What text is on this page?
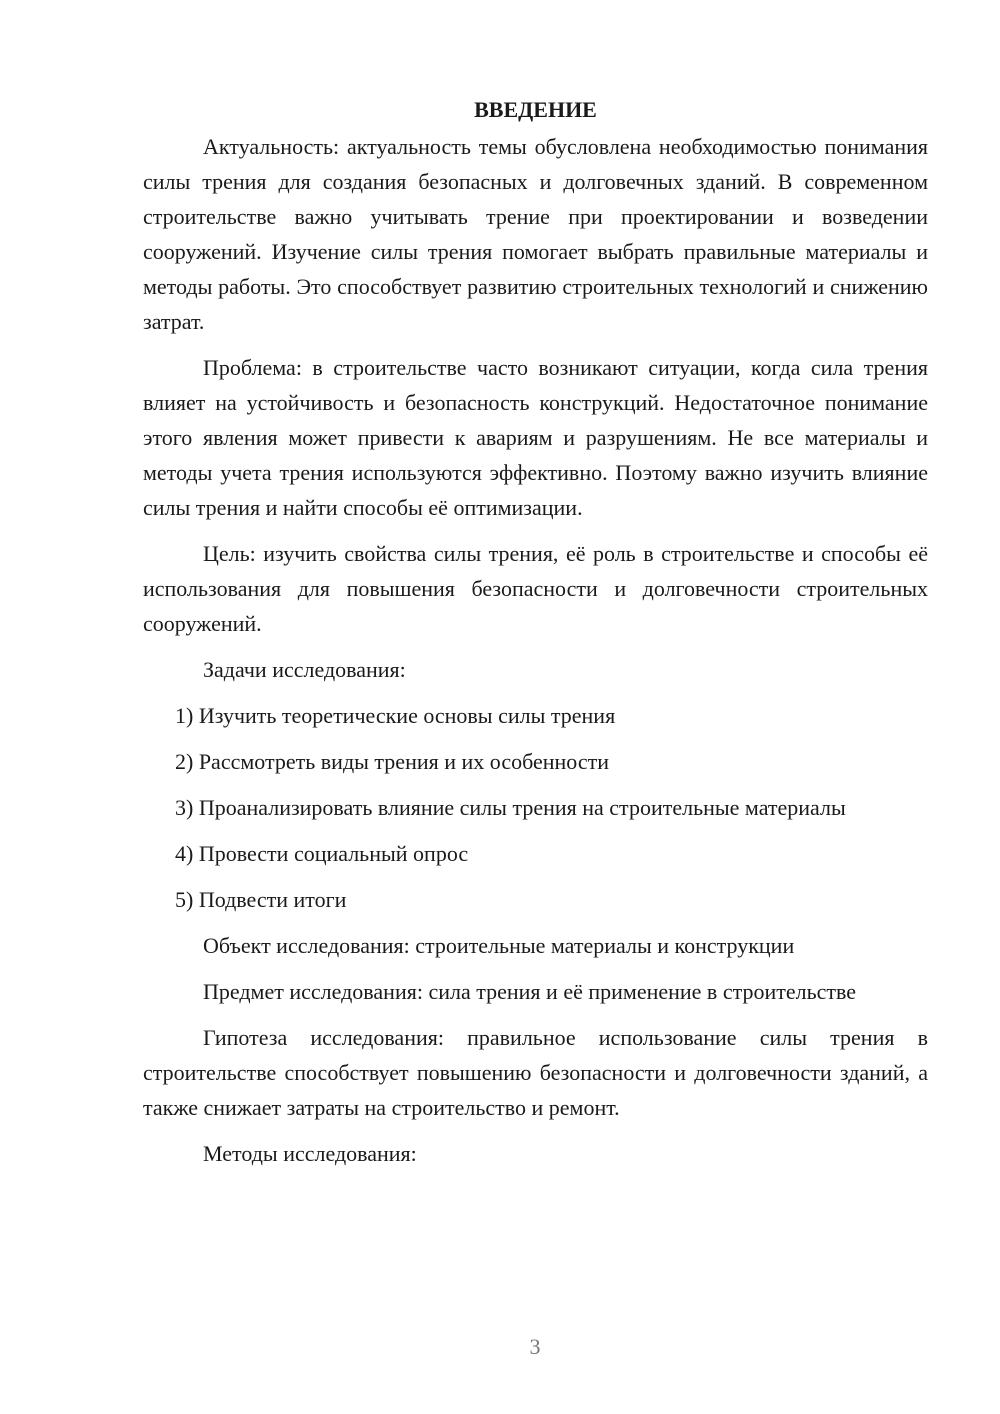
ВВЕДЕНИЕ

Актуальность: актуальность темы обусловлена необходимостью понимания силы трения для создания безопасных и долговечных зданий. В современном строительстве важно учитывать трение при проектировании и возведении сооружений. Изучение силы трения помогает выбрать правильные материалы и методы работы. Это способствует развитию строительных технологий и снижению затрат.

Проблема: в строительстве часто возникают ситуации, когда сила трения влияет на устойчивость и безопасность конструкций. Недостаточное понимание этого явления может привести к авариям и разрушениям. Не все материалы и методы учета трения используются эффективно. Поэтому важно изучить влияние силы трения и найти способы её оптимизации.

Цель: изучить свойства силы трения, её роль в строительстве и способы её использования для повышения безопасности и долговечности строительных сооружений.

Задачи исследования:

1) Изучить теоретические основы силы трения

2) Рассмотреть виды трения и их особенности

3) Проанализировать влияние силы трения на строительные материалы

4) Провести социальный опрос

5) Подвести итоги

Объект исследования: строительные материалы и конструкции

Предмет исследования: сила трения и её применение в строительстве

Гипотеза исследования: правильное использование силы трения в строительстве способствует повышению безопасности и долговечности зданий, а также снижает затраты на строительство и ремонт.

Методы исследования:

3
